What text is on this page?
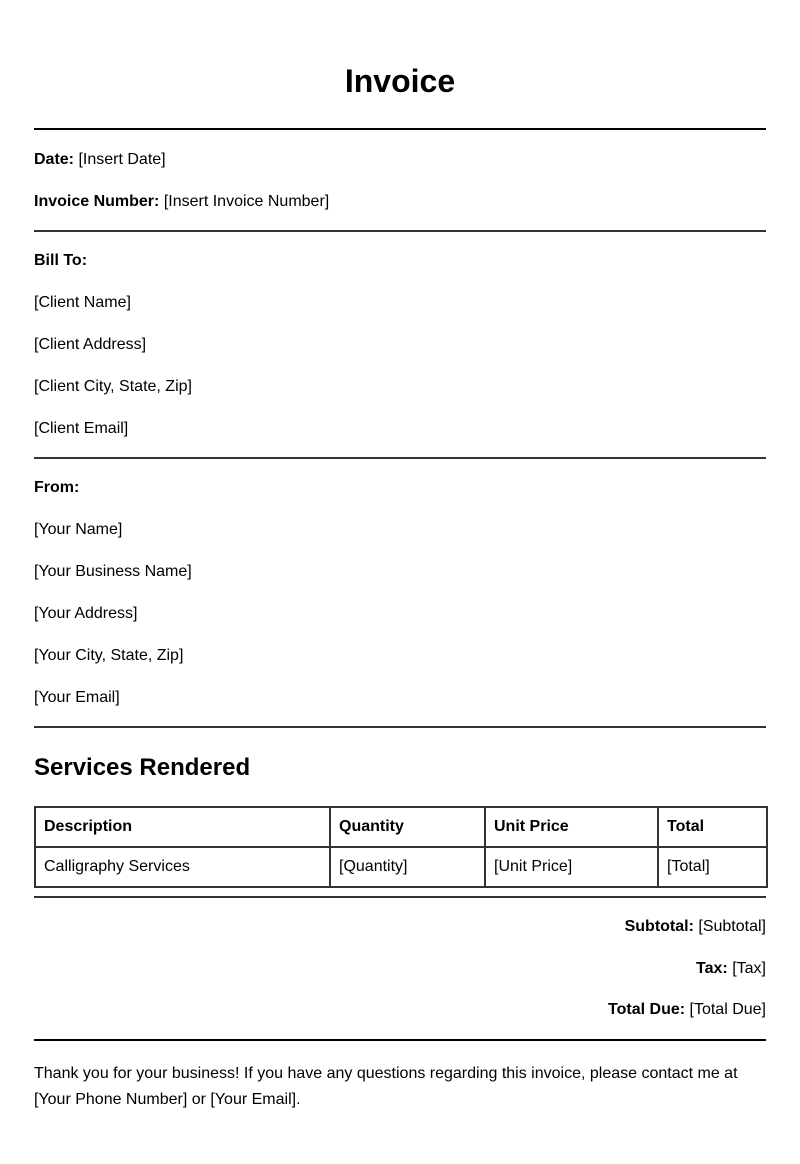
Invoice

Date: [Insert Date]

Invoice Number: [Insert Invoice Number]

Bill To:

[Client Name]

[Client Address]

[Client City, State, Zip]

[Client Email]

From:

[Your Name]

[Your Business Name]

[Your Address]

[Your City, State, Zip]

[Your Email]

Services Rendered
Description	Quantity	Unit Price	Total
Calligraphy Services	[Quantity]	[Unit Price]	[Total]

Subtotal: [Subtotal]

Tax: [Tax]

Total Due: [Total Due]

Thank you for your business! If you have any questions regarding this invoice, please contact me at [Your Phone Number] or [Your Email].
